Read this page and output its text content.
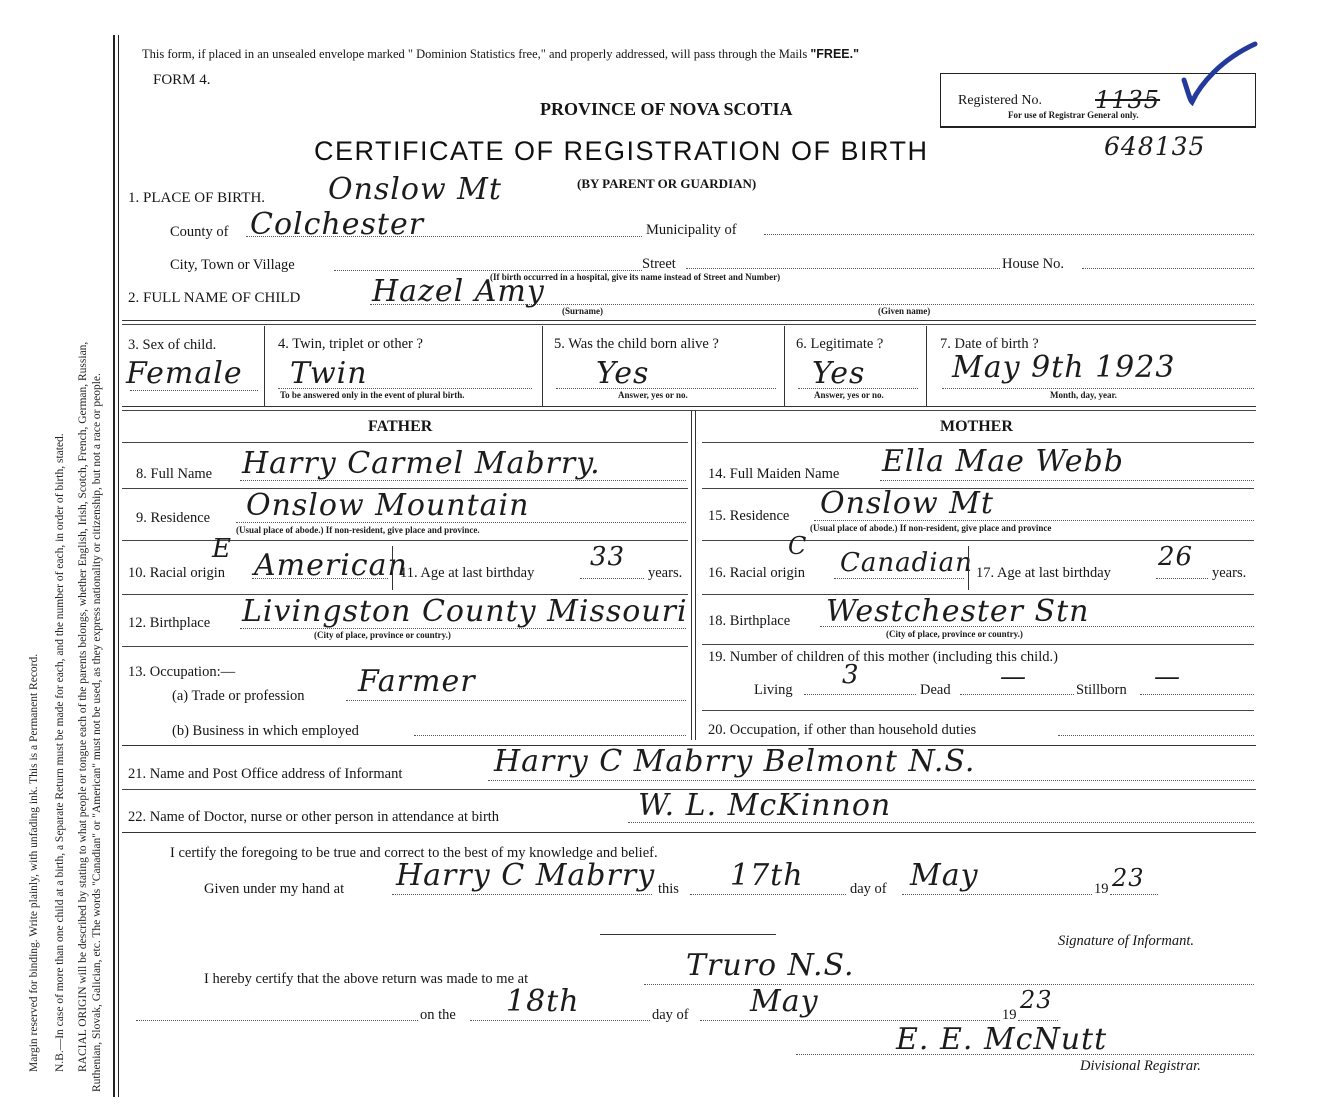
Margin reserved for binding. Write plainly, with unfading ink. This is a Permanent Record. N.B.—In case of more than one child at a birth, a Separate Return must be made for each, and the number of each, in order of birth, stated. RACIAL ORIGIN will be described by stating to what people or tongue each of the parents belongs, whether English, Irish, Scotch, French, German, Russian, Ruthenian, Slovak, Galician, etc. The words "Canadian" or "American" must not be used, as they express nationality or citizenship, but not a race or people.
This form, if placed in an unsealed envelope marked " Dominion Statistics free," and properly addressed, will pass through the Mails "FREE."
FORM 4.
PROVINCE OF NOVA SCOTIA	Registered No. 1135
For use of Registrar General only.
CERTIFICATE OF REGISTRATION OF BIRTH	648135
(BY PARENT OR GUARDIAN)
1. PLACE OF BIRTH. Onslow Mt
County of Colchester	Municipality of
City, Town or Village	Street	House No.
(If birth occurred in a hospital, give its name instead of Street and Number)
2. FULL NAME OF CHILD Hazel Amy
(Surname)	(Given name)
3. Sex of child.
Female
4. Twin, triplet or other ?
Twin
To be answered only in the event of plural birth.
5. Was the child born alive ?
Yes
Answer, yes or no.
6. Legitimate ?
Yes
Answer, yes or no.
7. Date of birth ?
May 9th 1923
Month, day, year.
FATHER
8. Full Name Harry Carmel Mabrry.
9. Residence Onslow Mountain
(Usual place of abode.) If non-resident, give place and province.
10. Racial origin
E American
11. Age at last birthday
33
years.
12. Birthplace Livingston County Missouri
(City of place, province or country.)
13. Occupation:—
(a) Trade or profession Farmer
(b) Business in which employed
MOTHER
14. Full Maiden Name Ella Mae Webb
15. Residence Onslow Mt
(Usual place of abode.) If non-resident, give place and province
16. Racial origin
C
Canadian 17. Age at last birthday
26
years.
18. Birthplace Westchester Stn
(City of place, province or country.)
19. Number of children of this mother (including this child.)
Living 3	Dead —	Stillborn —
20. Occupation, if other than household duties
21. Name and Post Office address of Informant	Harry C Mabrry Belmont N.S.
22. Name of Doctor, nurse or other person in attendance at birth	W. L. McKinnon
I certify the foregoing to be true and correct to the best of my knowledge and belief.
Given under my hand at Harry C Mabrry this 17th	day of May	19 23
Signature of Informant.
I hereby certify that the above return was made to me at	Truro N.S.
on the 18th	day of May	19
23
E. E. McNutt
Divisional Registrar.
